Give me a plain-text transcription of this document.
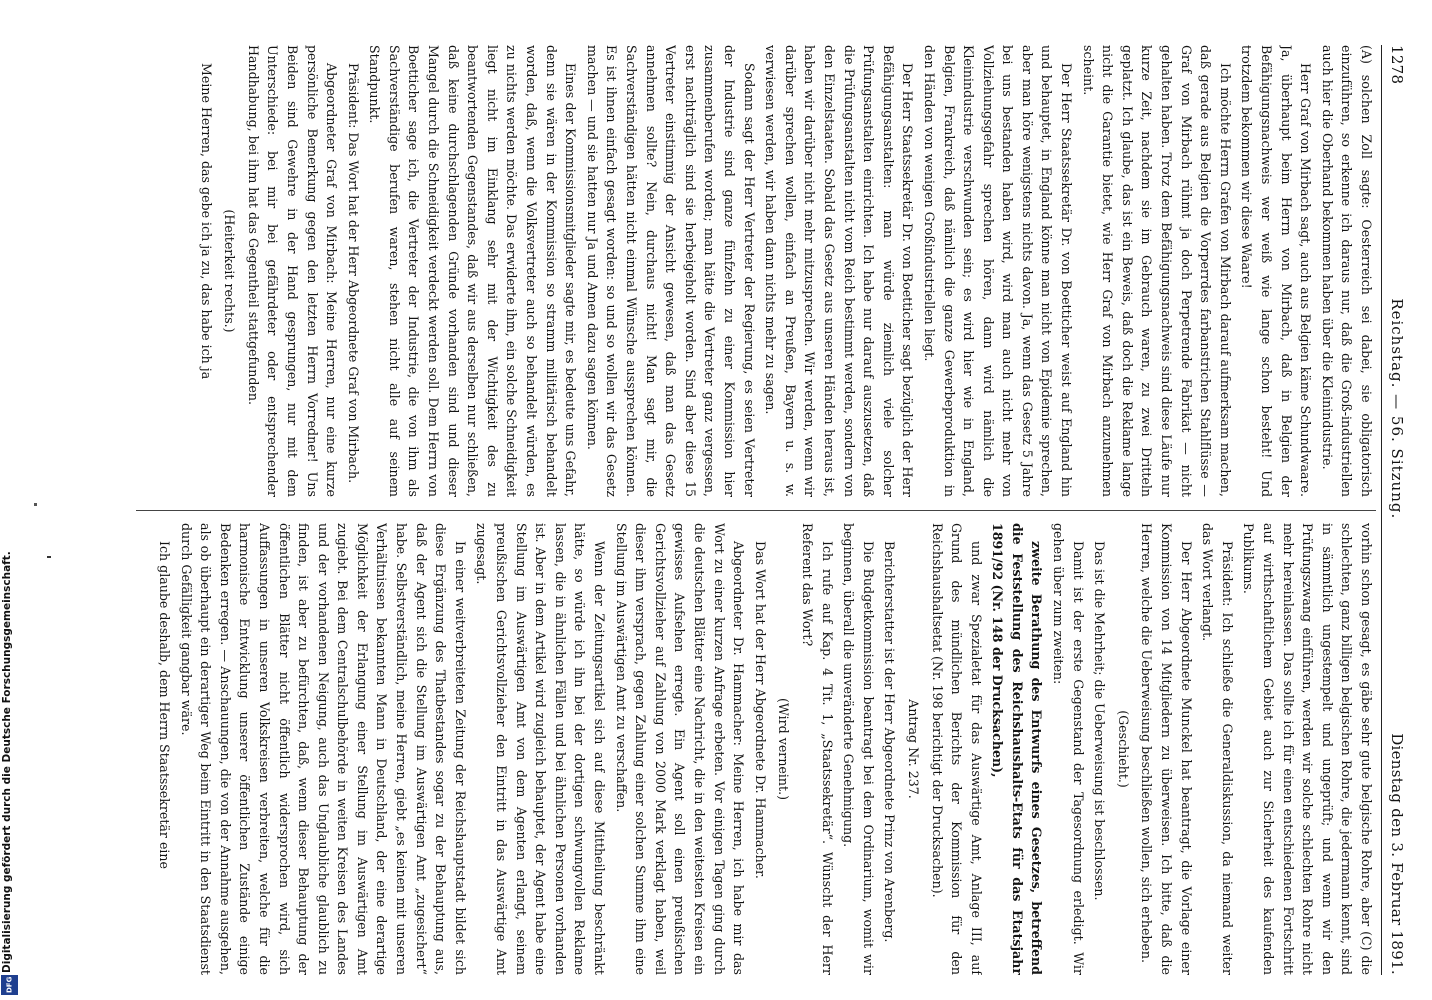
Digitalisierung gefördert durch die Deutsche Forschungsgemeinschaft.
DFG
1278
Reichstag. — 56. Sitzung.
Dienstag den 3. Februar 1891.

(A) solchen Zoll sagte: Oesterreich sei dabei, sie obligatorisch einzuführen, so erkenne ich daraus nur, daß die Groß-industriellen auch hier die Oberhand bekommen haben über die Kleinindustrie.

Herr Graf von Mirbach sagt, auch aus Belgien käme Schundwaare. Ja, überhaupt beim Herrn von Mirbach, daß in Belgien der Befähigungsnachweis wer weiß wie lange schon besteht! Und trotzdem bekommen wir diese Waare!

Ich möchte Herrn Grafen von Mirbach darauf aufmerksam machen, daß gerade aus Belgien die Vorperrdes farbanstrichen Stahlflüsse — Graf von Mirbach rühmt ja doch Perpetrende Fabrikat — nicht gehalten haben. Trotz dem Befähigungsnachweis sind diese Läufe nur kurze Zeit, nachdem sie im Gebrauch waren, zu zwei Dritteln geplatzt. Ich glaube, das ist ein Beweis, daß doch die Reklame lange nicht die Garantie bietet, wie Herr Graf von Mirbach anzunehmen scheint.

Der Herr Staatssekretär Dr. von Boetticher weist auf England hin und behauptet, in England könne man nicht von Epidemie sprechen, aber man höre wenigstens nichts davon. Ja, wenn das Gesetz 5 Jahre bei uns bestanden haben wird, wird man auch nicht mehr von Vollziehungsgefahr sprechen hören, dann wird nämlich die Kleinindustrie verschwunden sein; es wird hier wie in England, Belgien, Frankreich, daß nämlich die ganze Gewerbeproduktion in den Händen von wenigen Großindustriellen liegt.

Der Herr Staatssekretär Dr. von Boetticher sagt bezüglich der Herr Befähigungsanstalten: man würde ziemlich viele solcher Prüfungsanstalten einrichten. Ich habe nur darauf auszusetzen, daß die Prüfungsanstalten nicht vom Reich bestimmt werden, sondern von den Einzelstaaten. Sobald das Gesetz aus unseren Händen heraus ist, haben wir darüber nicht mehr mitzusprechen. Wir werden, wenn wir darüber sprechen wollen, einfach an Preußen, Bayern u. s. w. verwiesen werden, wir haben dann nichts mehr zu sagen.

Sodann sagt der Herr Vertreter der Regierung, es seien Vertreter der Industrie sind ganze fünfzehn zu einer Kommission hier zusammenberufen worden; man hätte die Vertreter ganz vergessen, erst nachträglich sind sie herbeigeholt worden. Sind aber diese 15 Vertreter einstimmig der Ansicht gewesen, daß man das Gesetz annehmen sollte? Nein, durchaus nicht! Man sagt mir, die Sachverständigen hätten nicht einmal Wünsche aussprechen können. Es ist ihnen einfach gesagt worden: so und so wollen wir das Gesetz machen — und sie hatten nur Ja und Amen dazu sagen können.

Eines der Kommissionsmitglieder sagte mir, es bedeute uns Gefahr, denn sie wären in der Kommission so stramm militärisch behandelt worden, daß, wenn die Volksvertreter auch so behandelt würden, es zu nichts werden möchte. Das erwiderte ihm, ein solche Schneidigkeit liegt nicht im Einklang sehr mit der Wichtigkeit des zu beantwortenden Gegenstandes, daß wir aus derselben nur schließen, daß keine durchschlagenden Gründe vorhanden sind und dieser Mangel durch die Schneidigkeit verdeckt werden soll. Dem Herrn von Boetticher sage ich, die Vertreter der Industrie, die von ihm als Sachverständige berufen waren, stehen nicht alle auf seinem Standpunkt.

Präsident: Das Wort hat der Herr Abgeordnete Graf von Mirbach.

Abgeordneter Graf von Mirbach: Meine Herren, nur eine kurze persönliche Bemerkung gegen den letzten Herrn Vorredner! Uns Beiden sind Gewehre in der Hand gesprungen, nur mit dem Unterschiede: bei mir bei gefährdeter oder entsprechender Handhabung, bei ihm hat das Gegentheil stattgefunden.

(Heiterkeit rechts.)

Meine Herren, das gebe ich ja zu, das habe ich ja

vorhin schon gesagt, es gäbe sehr gute belgische Rohre, aber (C) die schlechten, ganz billigen belgischen Rohre, die jedermann kennt, sind in sämmtlich ungestempelt und ungeprüft; und wenn wir den Prüfungszwang einführen, werden wir solche schlechten Rohre nicht mehr hereinlassen. Das sollte ich für einen entschiedenen Fortschritt auf wirthschaftlichem Gebiet auch zur Sicherheit des kaufenden Publikums.

Präsident: Ich schließe die Generaldiskussion, da niemand weiter das Wort verlangt.

Der Herr Abgeordnete Munckel hat beantragt, die Vorlage einer Kommission von 14 Mitgliedern zu überweisen. Ich bitte, daß die Herren, welche die Ueberweisung beschließen wollen, sich erheben.

(Geschieht.)

Das ist die Mehrheit; die Ueberweisung ist beschlossen.

Damit ist der erste Gegenstand der Tagesordnung erledigt. Wir gehen über zum zweiten:

zweite Berathung des Entwurfs eines Gesetzes, betreffend die Feststellung des Reichshaushalts-Etats für das Etatsjahr 1891/92 (Nr. 148 der Drucksachen),

und zwar Spezialetat für das Auswärtige Amt, Anlage III, auf Grund des mündlichen Berichts der Kommission für den Reichshaushaltsetat (Nr. 198 berichtigt der Drucksachen).

Antrag Nr. 237.

Berichterstatter ist der Herr Abgeordnete Prinz von Arenberg.

Die Budgetkommission beantragt bei dem Ordinarium, womit wir beginnen, überall die unveränderte Genehmigung.

Ich rufe auf Kap. 4 Tit. 1, „Staatssekretär“. Wünscht der Herr Referent das Wort?

(Wird verneint.)

Das Wort hat der Herr Abgeordnete Dr. Hammacher.

Abgeordneter Dr. Hammacher: Meine Herren, ich habe mir das Wort zu einer kurzen Anfrage erbeten. Vor einigen Tagen ging durch die deutschen Blätter eine Nachricht, die in den weitesten Kreisen ein gewisses Aufsehen erregte. Ein Agent soll einen preußischen Gerichtsvollzieher auf Zahlung von 2000 Mark verklagt haben, weil dieser ihm versprach, gegen Zahlung einer solchen Summe ihm eine Stellung im Auswärtigen Amt zu verschaffen.

Wenn der Zeitungsartikel sich auf diese Mittheilung beschränkt hätte, so würde ich ihn bei der dortigen schwungvollen Reklame lassen, die in ähnlichen Fällen und bei ähnlichen Personen vorhanden ist. Aber in dem Artikel wird zugleich behauptet, der Agent habe eine Stellung im Auswärtigen Amt von dem Agenten erlangt, seinem preußischen Gerichtsvollzieher den Eintritt in das Auswärtige Amt zugesagt.

In einer weitverbreiteten Zeitung der Reichshauptstadt bildet sich diese Ergänzung des Thatbestandes sogar zu der Behauptung aus, daß der Agent sich die Stellung im Auswärtigen Amt „zugesichert“ habe. Selbstverständlich, meine Herren, giebt „es keinen mit unseren Verhältnissen bekannten Mann in Deutschland, der eine derartige Möglichkeit der Erlangung einer Stellung im Auswärtigen Amt zugiebt. Bei dem Centralschulbehörde in weiten Kreisen des Landes und der vorhandenen Neigung, auch das Unglaubliche glaublich zu finden, ist aber zu befürchten, daß, wenn dieser Behauptung der öffentlichen Blätter nicht öffentlich widersprochen wird, sich Auffassungen in unseren Volkskreisen verbreiten, welche für die harmonische Entwicklung unserer öffentlichen Zustände einige Bedenken erregen. — Anschauungen, die von der Annahme ausgehen, als ob überhaupt ein derartiger Weg beim Eintritt in den Staatsdienst durch Gefälligkeit gangbar wäre.

Ich glaube deshalb, dem Herrn Staatssekretär eine
